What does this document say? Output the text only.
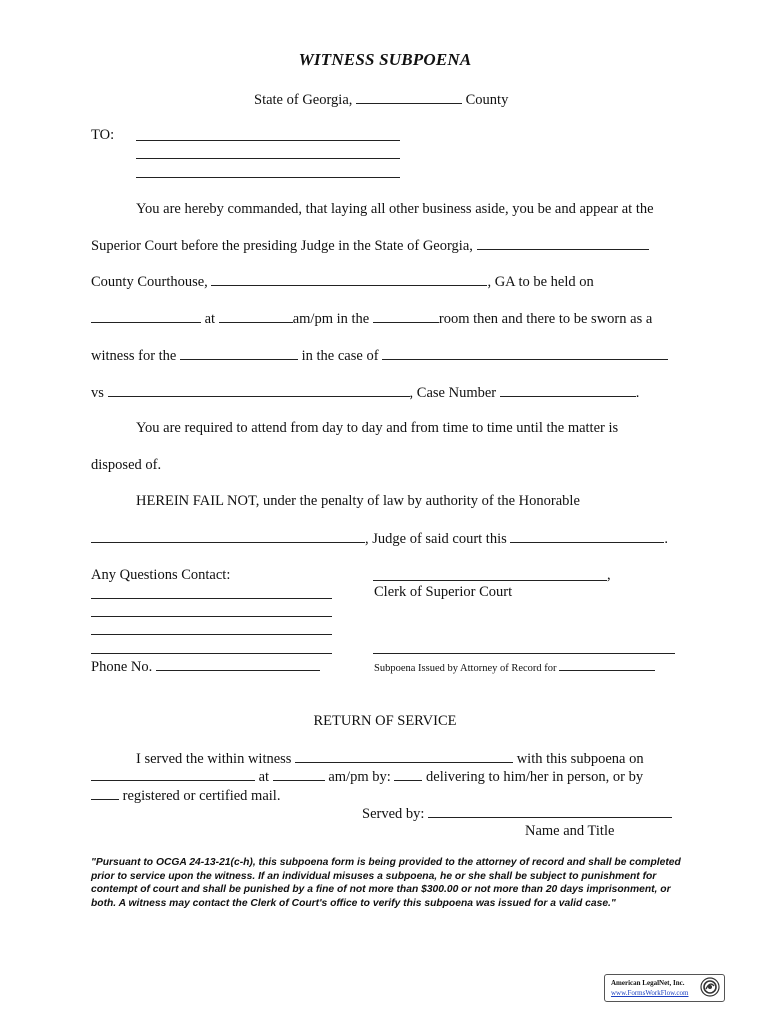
WITNESS SUBPOENA
State of Georgia,	County
TO:
You are hereby commanded, that laying all other business aside, you be and appear at the
Superior Court before the presiding Judge in the State of Georgia,
County Courthouse,	, GA to be held on
at	am/pm in the	room then and there to be sworn as a
witness for the	in the case of
vs	, Case Number	.
You are required to attend from day to day and from time to time until the matter is
disposed of.
HEREIN FAIL NOT, under the penalty of law by authority of the Honorable
, Judge of said court this	.
Any Questions Contact:
Phone No.
,
Clerk of Superior Court
Subpoena Issued by Attorney of Record for
RETURN OF SERVICE
I served the within witness	with this subpoena on
at	am/pm by:  delivering to him/her in person, or by
registered or certified mail.
Served by:
Name and Title
"Pursuant to OCGA 24-13-21(c-h), this subpoena form is being provided to the attorney of record and shall be completed prior to service upon the witness. If an individual misuses a subpoena, he or she shall be subject to punishment for contempt of court and shall be punished by a fine of not more than $300.00 or not more than 20 days imprisonment, or both. A witness may contact the Clerk of Court's office to verify this subpoena was issued for a valid case."
American LegalNet, Inc.
www.FormsWorkFlow.com
